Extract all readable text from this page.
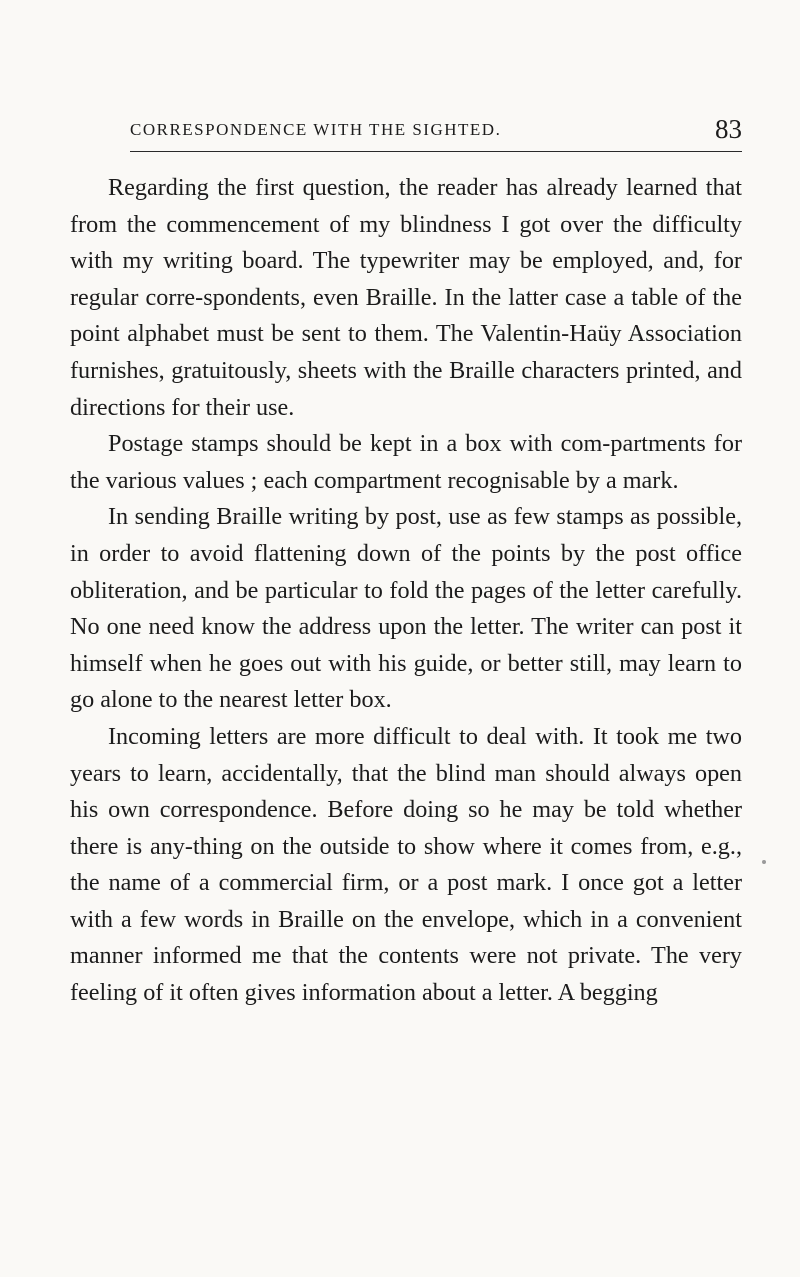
CORRESPONDENCE WITH THE SIGHTED.	83

Regarding the first question, the reader has already learned that from the commencement of my blindness I got over the difficulty with my writing board. The typewriter may be employed, and, for regular corre-spondents, even Braille. In the latter case a table of the point alphabet must be sent to them. The Valentin-Haüy Association furnishes, gratuitously, sheets with the Braille characters printed, and directions for their use.

Postage stamps should be kept in a box with com-partments for the various values ; each compartment recognisable by a mark.

In sending Braille writing by post, use as few stamps as possible, in order to avoid flattening down of the points by the post office obliteration, and be particular to fold the pages of the letter carefully. No one need know the address upon the letter. The writer can post it himself when he goes out with his guide, or better still, may learn to go alone to the nearest letter box.

Incoming letters are more difficult to deal with. It took me two years to learn, accidentally, that the blind man should always open his own correspondence. Before doing so he may be told whether there is any-thing on the outside to show where it comes from, e.g., the name of a commercial firm, or a post mark. I once got a letter with a few words in Braille on the envelope, which in a convenient manner informed me that the contents were not private. The very feeling of it often gives information about a letter. A begging
